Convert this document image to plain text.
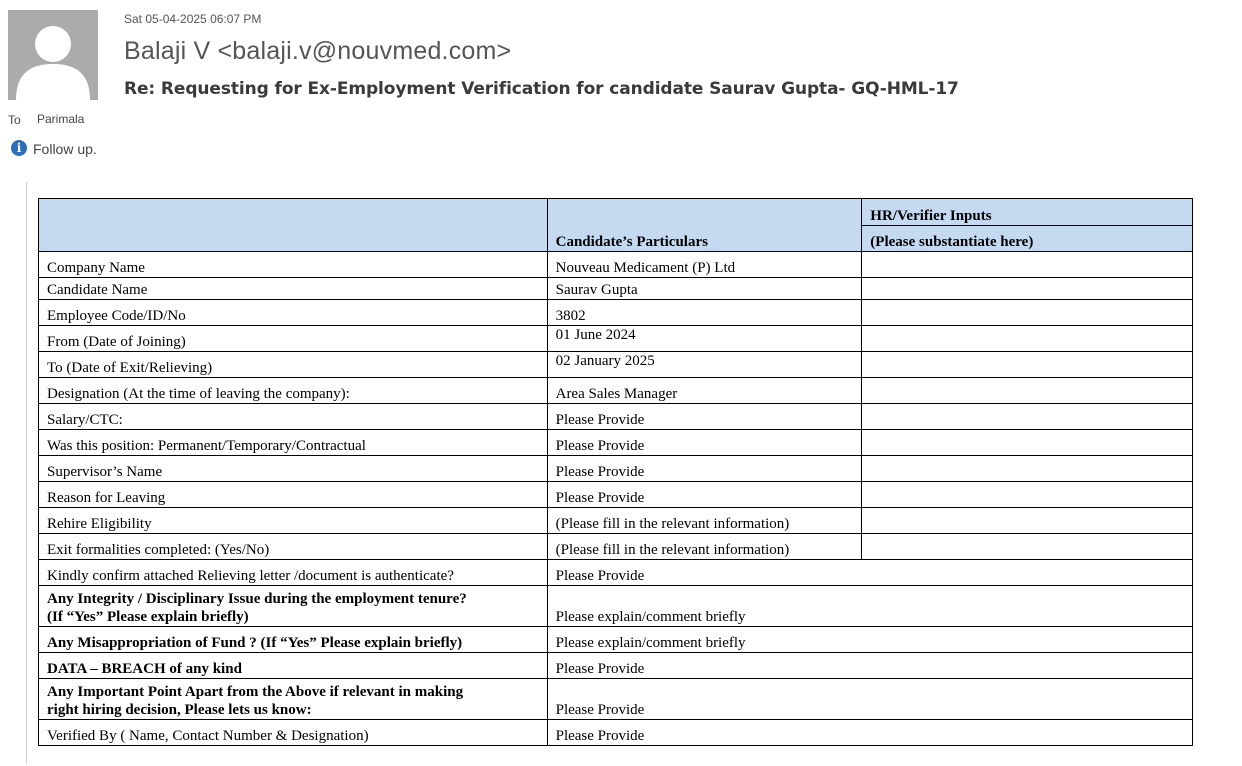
Sat 05-04-2025 06:07 PM
Balaji V <balaji.v@nouvmed.com>
Re: Requesting for Ex-Employment Verification for candidate Saurav Gupta- GQ-HML-17
To Parimala
i Follow up.
	Candidate’s Particulars	HR/Verifier Inputs
		(Please substantiate here)
Company Name	Nouveau Medicament (P) Ltd	
Candidate Name	Saurav Gupta	
Employee Code/ID/No	3802	
From (Date of Joining)	01 June 2024	
To (Date of Exit/Relieving)	02 January 2025	
Designation (At the time of leaving the company):	Area Sales Manager	
Salary/CTC:	Please Provide	
Was this position: Permanent/Temporary/Contractual	Please Provide	
Supervisor’s Name	Please Provide	
Reason for Leaving	Please Provide	
Rehire Eligibility	(Please fill in the relevant information)	
Exit formalities completed: (Yes/No)	(Please fill in the relevant information)	
Kindly confirm attached Relieving letter /document is authenticate?	Please Provide	

Any Integrity / Disciplinary Issue during the employment tenure?
(If “Yes” Please explain briefly)	Please explain/comment briefly	
Any Misappropriation of Fund ? (If “Yes” Please explain briefly)	Please explain/comment briefly	
DATA – BREACH of any kind	Please Provide	

Any Important Point Apart from the Above if relevant in making
right hiring decision, Please lets us know:	Please Provide	
Verified By ( Name, Contact Number & Designation)	Please Provide	
